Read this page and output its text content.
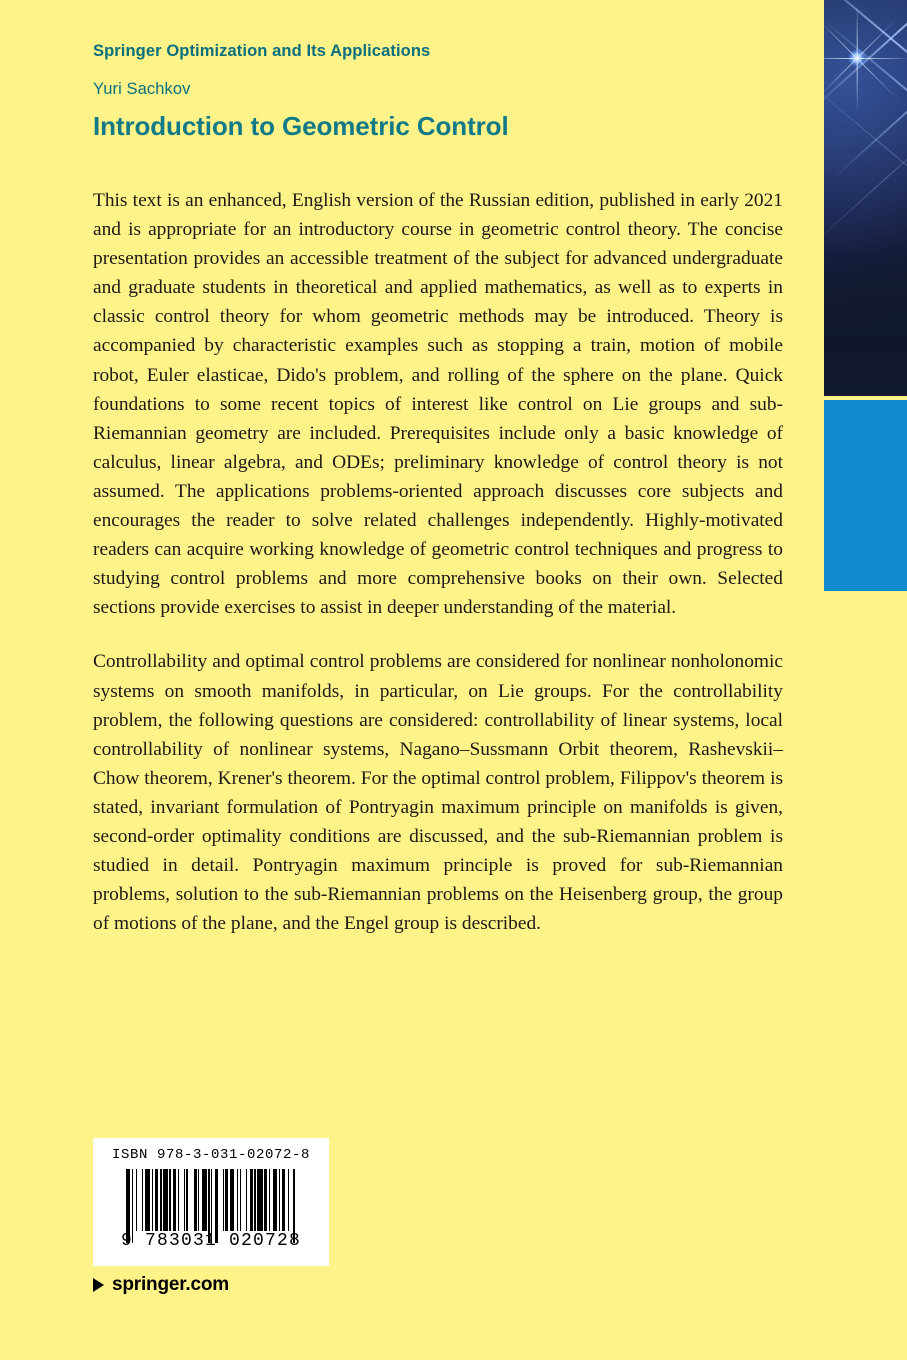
Springer Optimization and Its Applications
Yuri Sachkov
Introduction to Geometric Control

This text is an enhanced, English version of the Russian edition, published in early 2021 and is appropriate for an introductory course in geometric control theory. The concise presentation provides an accessible treatment of the subject for advanced undergraduate and graduate students in theoretical and applied mathematics, as well as to experts in classic control theory for whom geometric methods may be introduced. Theory is accompanied by characteristic examples such as stopping a train, motion of mobile robot, Euler elasticae, Dido's problem, and rolling of the sphere on the plane. Quick foundations to some recent topics of interest like control on Lie groups and sub-Riemannian geometry are included. Prerequisites include only a basic knowledge of calculus, linear algebra, and ODEs; preliminary knowledge of control theory is not assumed. The applications problems-oriented approach discusses core subjects and encourages the reader to solve related challenges independently. Highly-motivated readers can acquire working knowledge of geometric control techniques and progress to studying control problems and more comprehensive books on their own. Selected sections provide exercises to assist in deeper understanding of the material.

Controllability and optimal control problems are considered for nonlinear nonholonomic systems on smooth manifolds, in particular, on Lie groups. For the controllability problem, the following questions are considered: controllability of linear systems, local controllability of nonlinear systems, Nagano–Sussmann Orbit theorem, Rashevskii–Chow theorem, Krener's theorem. For the optimal control problem, Filippov's theorem is stated, invariant formulation of Pontryagin maximum principle on manifolds is given, second-order optimality conditions are discussed, and the sub-Riemannian problem is studied in detail. Pontryagin maximum principle is proved for sub-Riemannian problems, solution to the sub-Riemannian problems on the Heisenberg group, the group of motions of the plane, and the Engel group is described.

ISBN 978-3-031-02072-8
9 783031 020728
springer.com
